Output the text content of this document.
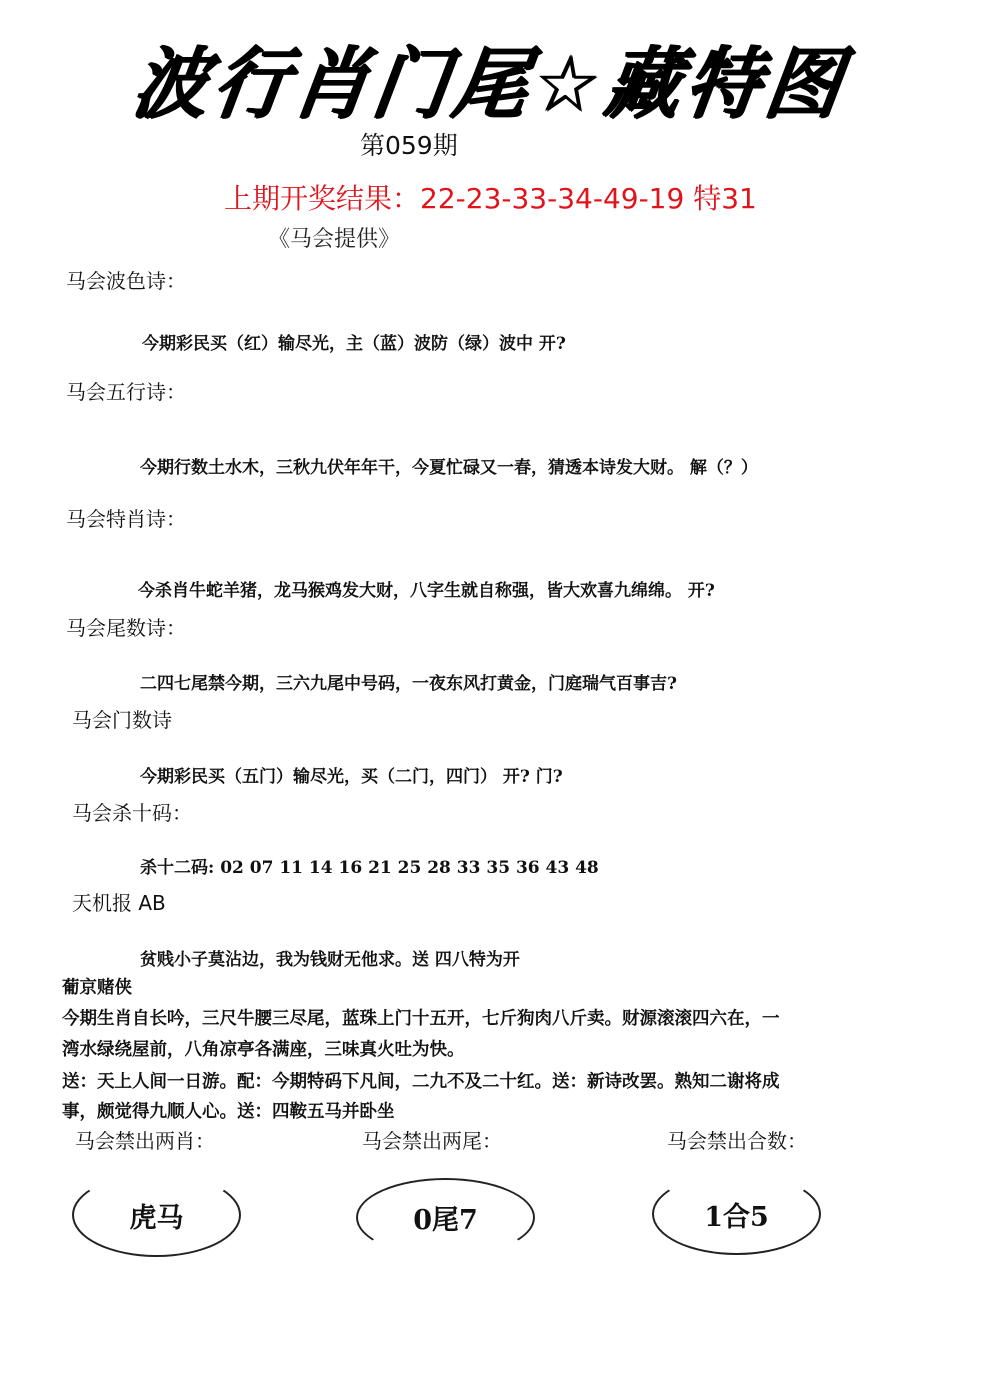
波行肖门尾☆藏特图
第059期
上期开奖结果：22-23-33-34-49-19 特31
《马会提供》
马会波色诗：
今期彩民买（红）输尽光，主（蓝）波防（绿）波中 开?
马会五行诗：
今期行数土水木，三秋九伏年年干，今夏忙碌又一春，猜透本诗发大财。 解（？）
马会特肖诗：
今杀肖牛蛇羊猪，龙马猴鸡发大财，八字生就自称强，皆大欢喜九绵绵。 开?
马会尾数诗：
二四七尾禁今期，三六九尾中号码，一夜东风打黄金，门庭瑞气百事吉?
马会门数诗
今期彩民买（五门）输尽光，买（二门，四门） 开? 门?
马会杀十码：
杀十二码: 02 07 11 14 16 21 25 28 33 35 36 43 48
天机报 AB
贫贱小子莫沾边，我为钱财无他求。送 四八特为开
葡京赌侠
今期生肖自长吟，三尺牛腰三尽尾，蓝珠上门十五开，七斤狗肉八斤卖。财源滚滚四六在，一
湾水绿绕屋前，八角凉亭各满座，三味真火吐为快。
送：天上人间一日游。配：今期特码下凡间，二九不及二十红。送：新诗改罢。熟知二谢将成
事，颇觉得九顺人心。送：四鞍五马并卧坐
马会禁出两肖：	马会禁出两尾：	马会禁出合数：
虎马	0尾7	1合5
